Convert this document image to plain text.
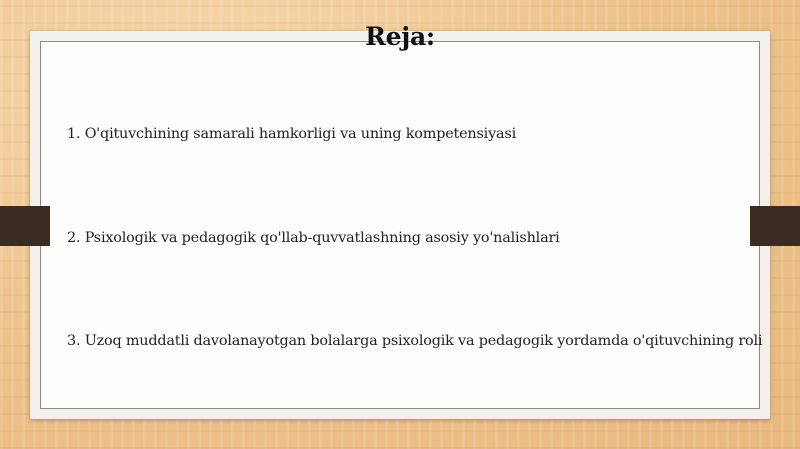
Reja:
1. O'qituvchining samarali hamkorligi va uning kompetensiyasi
2. Psixologik va pedagogik qo'llab-quvvatlashning asosiy yo'nalishlari
3. Uzoq muddatli davolanayotgan bolalarga psixologik va pedagogik yordamda o'qituvchining roli
